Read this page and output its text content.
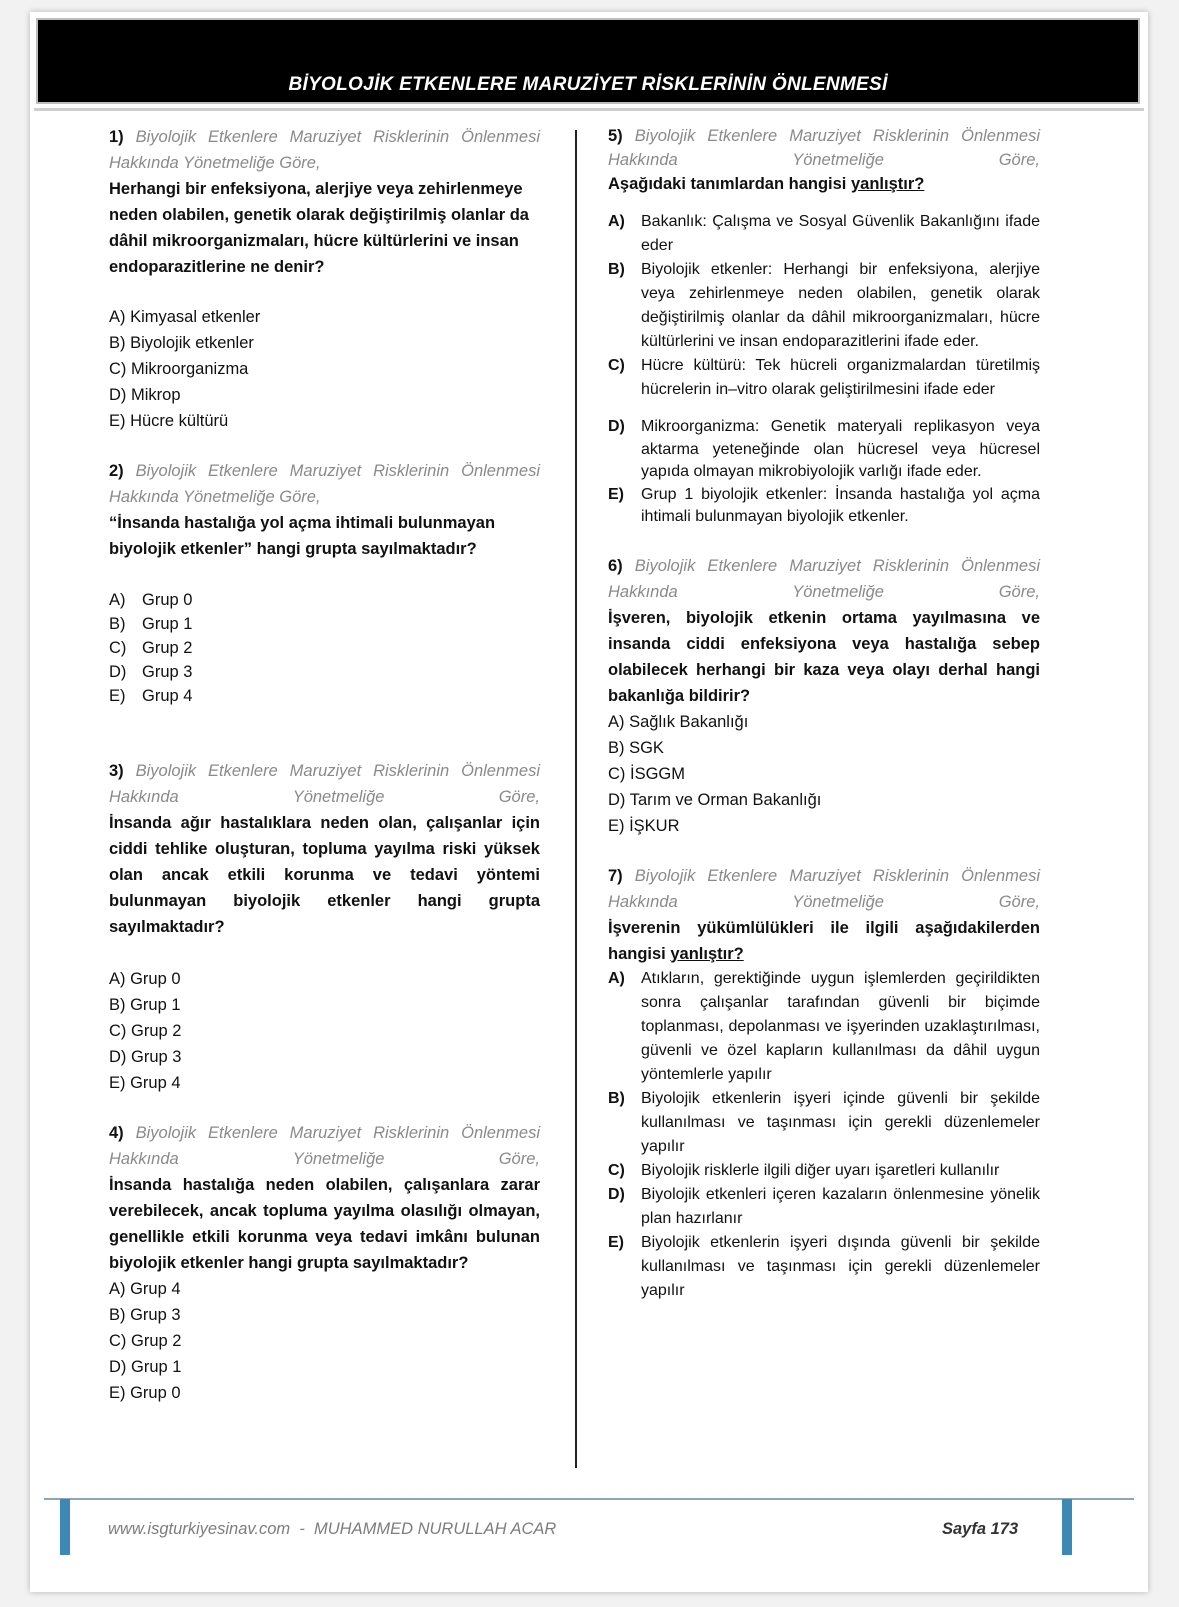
BİYOLOJİK ETKENLERE MARUZİYET RİSKLERİNİN ÖNLENMESİ
1) Biyolojik Etkenlere Maruziyet Risklerinin Önlenmesi
Hakkında Yönetmeliğe Göre,
Herhangi bir enfeksiyona, alerjiye veya zehirlenmeye neden olabilen, genetik olarak değiştirilmiş olanlar da dâhil mikroorganizmaları, hücre kültürlerini ve insan endoparazitlerine ne denir?
A) Kimyasal etkenler
B) Biyolojik etkenler
C) Mikroorganizma
D) Mikrop
E) Hücre kültürü
2) Biyolojik Etkenlere Maruziyet Risklerinin Önlenmesi
Hakkında Yönetmeliğe Göre,
“İnsanda hastalığa yol açma ihtimali bulunmayan biyolojik etkenler” hangi grupta sayılmaktadır?
A)	Grup 0
B)	Grup 1
C) Grup 2
D) Grup 3
E)	Grup 4
3) Biyolojik Etkenlere Maruziyet Risklerinin Önlenmesi
Hakkında Yönetmeliğe Göre,
İnsanda ağır hastalıklara neden olan, çalışanlar için ciddi tehlike oluşturan, topluma yayılma riski yüksek olan ancak etkili korunma ve tedavi yöntemi bulunmayan biyolojik etkenler hangi grupta sayılmaktadır?
A) Grup 0
B) Grup 1
C) Grup 2
D) Grup 3
E) Grup 4
4) Biyolojik Etkenlere Maruziyet Risklerinin Önlenmesi
Hakkında Yönetmeliğe Göre,
İnsanda hastalığa neden olabilen, çalışanlara zarar verebilecek, ancak topluma yayılma olasılığı olmayan, genellikle etkili korunma veya tedavi imkânı bulunan biyolojik etkenler hangi grupta sayılmaktadır?
A) Grup 4
B) Grup 3
C) Grup 2
D) Grup 1
E) Grup 0
5) Biyolojik Etkenlere Maruziyet Risklerinin Önlenmesi
Hakkında Yönetmeliğe Göre,
Aşağıdaki tanımlardan hangisi yanlıştır?
A)	Bakanlık: Çalışma ve Sosyal Güvenlik Bakanlığını ifade eder
B)	Biyolojik etkenler: Herhangi bir enfeksiyona, alerjiye veya zehirlenmeye neden olabilen, genetik olarak değiştirilmiş olanlar da dâhil mikroorganizmaları, hücre kültürlerini ve insan endoparazitlerini ifade eder.
C)	Hücre kültürü: Tek hücreli organizmalardan türetilmiş hücrelerin in–vitro olarak geliştirilmesini ifade eder
D)	Mikroorganizma: Genetik materyali replikasyon veya aktarma yeteneğinde olan hücresel veya hücresel yapıda olmayan mikrobiyolojik varlığı ifade eder.
E)	Grup 1 biyolojik etkenler: İnsanda hastalığa yol açma ihtimali bulunmayan biyolojik etkenler.
6) Biyolojik Etkenlere Maruziyet Risklerinin Önlenmesi
Hakkında Yönetmeliğe Göre,
İşveren, biyolojik etkenin ortama yayılmasına ve insanda ciddi enfeksiyona veya hastalığa sebep olabilecek herhangi bir kaza veya olayı derhal hangi bakanlığa bildirir?
A) Sağlık Bakanlığı
B) SGK
C) İSGGM
D) Tarım ve Orman Bakanlığı
E) İŞKUR
7) Biyolojik Etkenlere Maruziyet Risklerinin Önlenmesi
Hakkında Yönetmeliğe Göre,
İşverenin yükümlülükleri ile ilgili aşağıdakilerden hangisi yanlıştır?
A)	Atıkların, gerektiğinde uygun işlemlerden geçirildikten sonra çalışanlar tarafından güvenli bir biçimde toplanması, depolanması ve işyerinden uzaklaştırılması, güvenli ve özel kapların kullanılması da dâhil uygun yöntemlerle yapılır
B)	Biyolojik etkenlerin işyeri içinde güvenli bir şekilde kullanılması ve taşınması için gerekli düzenlemeler yapılır
C)	Biyolojik risklerle ilgili diğer uyarı işaretleri kullanılır
D)	Biyolojik etkenleri içeren kazaların önlenmesine yönelik plan hazırlanır
E)	Biyolojik etkenlerin işyeri dışında güvenli bir şekilde kullanılması ve taşınması için gerekli düzenlemeler yapılır
www.isgturkiyesinav.com  -  MUHAMMED NURULLAH ACAR	Sayfa 173
